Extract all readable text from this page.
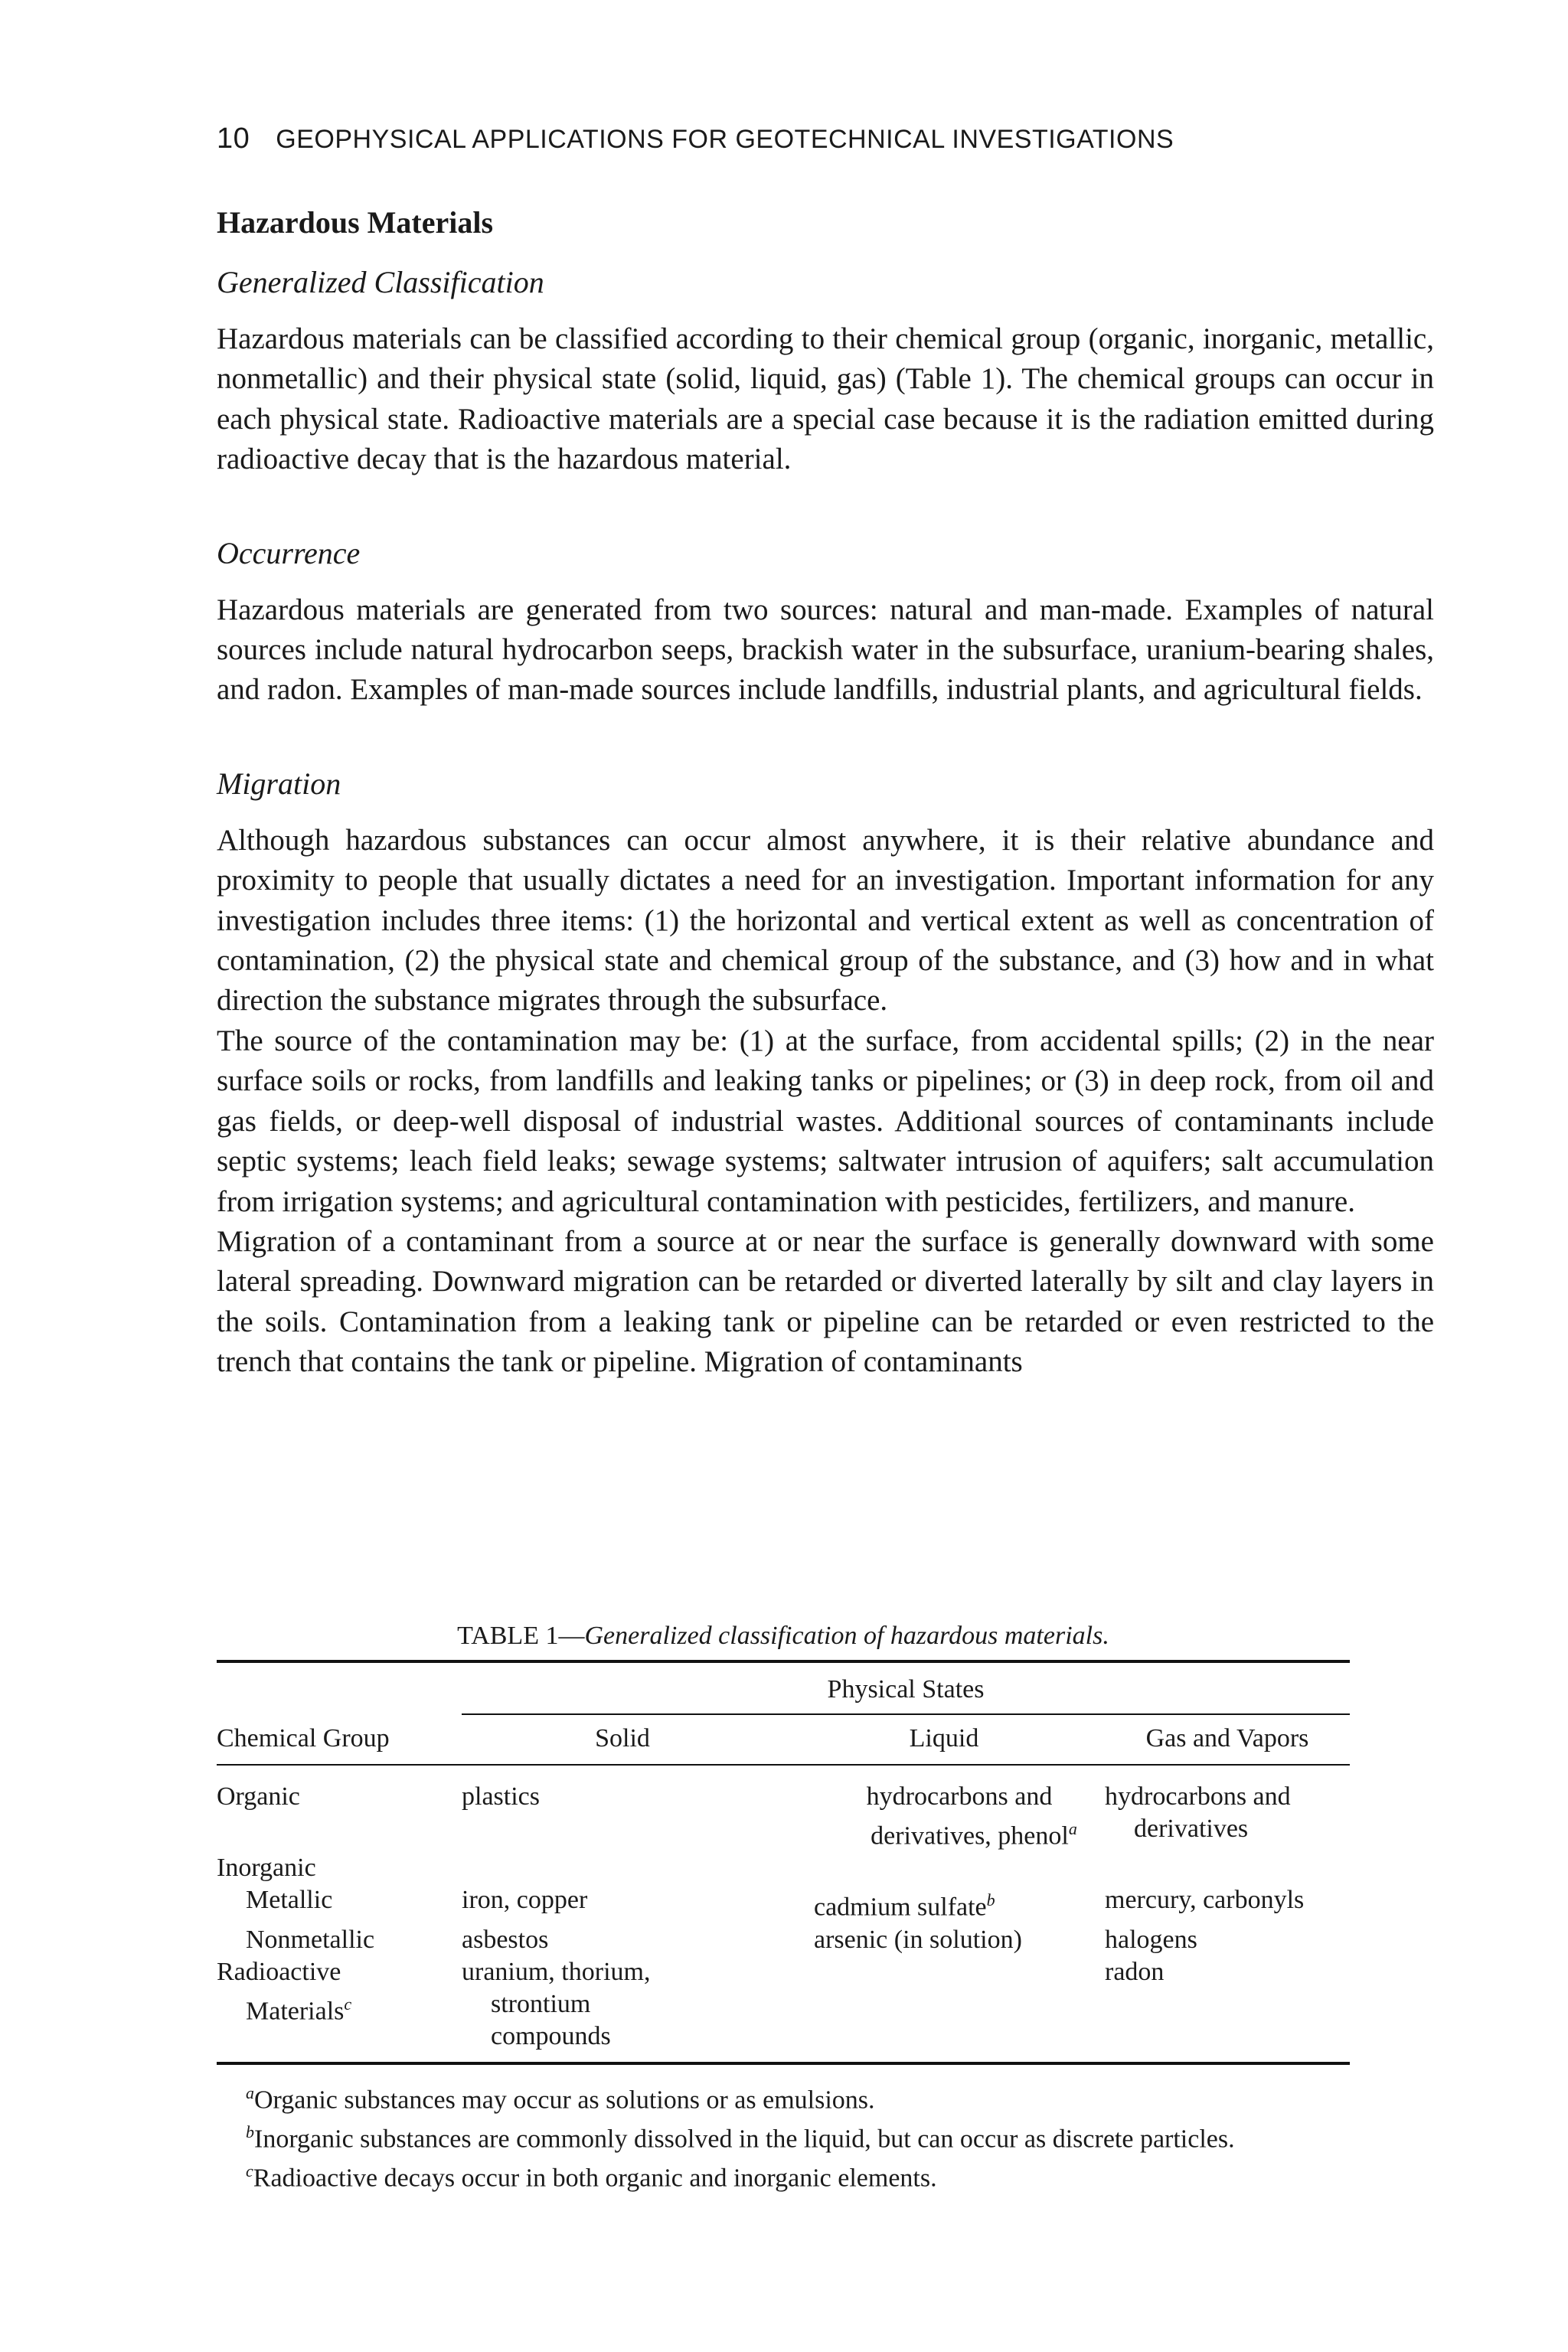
10 GEOPHYSICAL APPLICATIONS FOR GEOTECHNICAL INVESTIGATIONS
Hazardous Materials
Generalized Classification

Hazardous materials can be classified according to their chemical group (organic, inorganic, metallic, nonmetallic) and their physical state (solid, liquid, gas) (Table 1). The chemical groups can occur in each physical state. Radioactive materials are a special case because it is the radiation emitted during radioactive decay that is the hazardous material.

Occurrence

Hazardous materials are generated from two sources: natural and man-made. Examples of natural sources include natural hydrocarbon seeps, brackish water in the subsurface, uranium-bearing shales, and radon. Examples of man-made sources include landfills, industrial plants, and agricultural fields.

Migration

Although hazardous substances can occur almost anywhere, it is their relative abundance and proximity to people that usually dictates a need for an investigation. Important information for any investigation includes three items: (1) the horizontal and vertical extent as well as concentration of contamination, (2) the physical state and chemical group of the substance, and (3) how and in what direction the substance migrates through the subsurface.

The source of the contamination may be: (1) at the surface, from accidental spills; (2) in the near surface soils or rocks, from landfills and leaking tanks or pipelines; or (3) in deep rock, from oil and gas fields, or deep-well disposal of industrial wastes. Additional sources of contaminants include septic systems; leach field leaks; sewage systems; saltwater intrusion of aquifers; salt accumulation from irrigation systems; and agricultural contamination with pesticides, fertilizers, and manure.

Migration of a contaminant from a source at or near the surface is generally downward with some lateral spreading. Downward migration can be retarded or diverted laterally by silt and clay layers in the soils. Contamination from a leaking tank or pipeline can be retarded or even restricted to the trench that contains the tank or pipeline. Migration of contaminants

TABLE 1—Generalized classification of hazardous materials.

	Physical States		
Chemical Group	Solid	Liquid	Gas and Vapors
Organic	plastics	hydrocarbons and derivatives, phenol$^a$	hydrocarbons and derivatives

Inorganic			
Metallic	iron, copper	cadmium sulfate$^b$	mercury, carbonyls
Nonmetallic	asbestos	arsenic (in solution)	halogens

Radioactive Materials$^c$	uranium, thorium, strontium compounds		radon
$^a$Organic substances may occur as solutions or as emulsions.
$^b$Inorganic substances are commonly dissolved in the liquid, but can occur as discrete particles.
$^c$Radioactive decays occur in both organic and inorganic elements.
